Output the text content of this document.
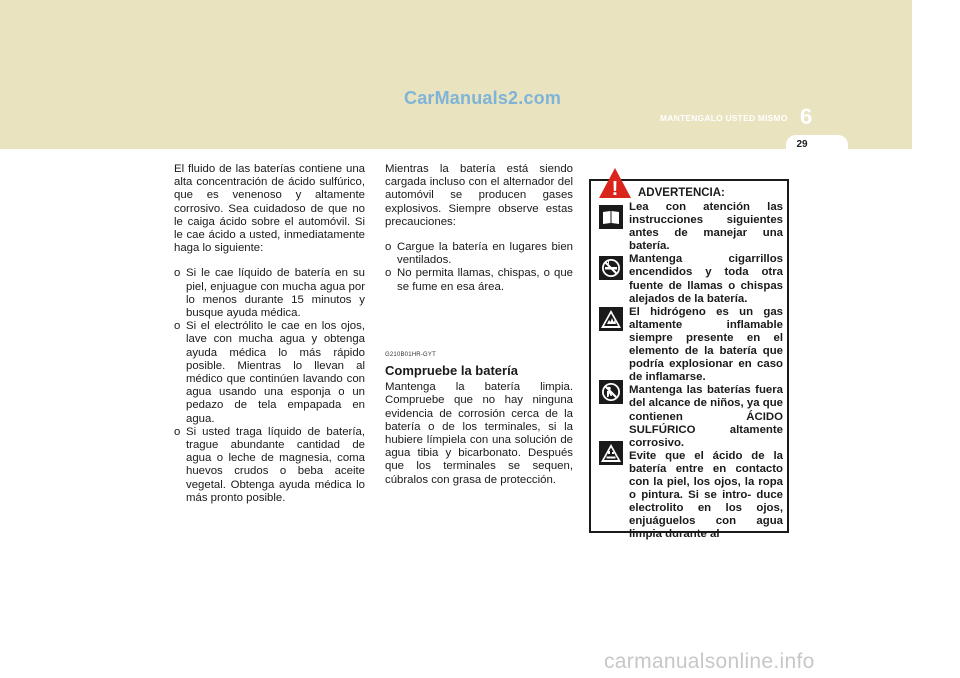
CarManuals2.com
MANTENGALO USTED MISMO 6
29

El fluido de las baterías contiene una alta concentración de ácido sulfúrico, que es venenoso y altamente corrosivo. Sea cuidadoso de que no le caiga ácido sobre el automóvil. Si le cae ácido a usted, inmediatamente haga lo siguiente:

o Si le cae líquido de batería en su piel, enjuague con mucha agua por lo menos durante 15 minutos y busque ayuda médica.
o Si el electrólito le cae en los ojos, lave con mucha agua y obtenga ayuda médica lo más rápido posible. Mientras lo llevan al médico que continúen lavando con agua usando una esponja o un pedazo de tela empapada en agua.
o Si usted traga líquido de batería, trague abundante cantidad de agua o leche de magnesia, coma huevos crudos o beba aceite vegetal. Obtenga ayuda médica lo más pronto posible.

Mientras la batería está siendo cargada incluso con el alternador del automóvil se producen gases explosivos. Siempre observe estas precauciones:

o Cargue la batería en lugares bien ventilados.
o No permita llamas, chispas, o que se fume en esa área.
G210B01HR-GYT
Compruebe la batería

Mantenga la batería limpia. Compruebe que no hay ninguna evidencia de corrosión cerca de la batería o de los terminales, si la hubiere límpiela con una solución de agua tibia y bicarbonato. Después que los terminales se sequen, cúbralos con grasa de protección.

ADVERTENCIA:

Lea con atención las instrucciones siguientes antes de manejar una batería.

Mantenga cigarrillos encendidos y toda otra fuente de llamas o chispas alejados de la batería.

El hidrógeno es un gas altamente inflamable siempre presente en el elemento de la batería que podría explosionar en caso de inflamarse.

Mantenga las baterías fuera del alcance de niños, ya que contienen ÁCIDO SULFÚRICO altamente corrosivo.

Evite que el ácido de la batería entre en contacto con la piel, los ojos, la ropa o pintura. Si se intro- duce electrolito en los ojos, enjuáguelos con agua limpia durante al

!
carmanualsonline.info
